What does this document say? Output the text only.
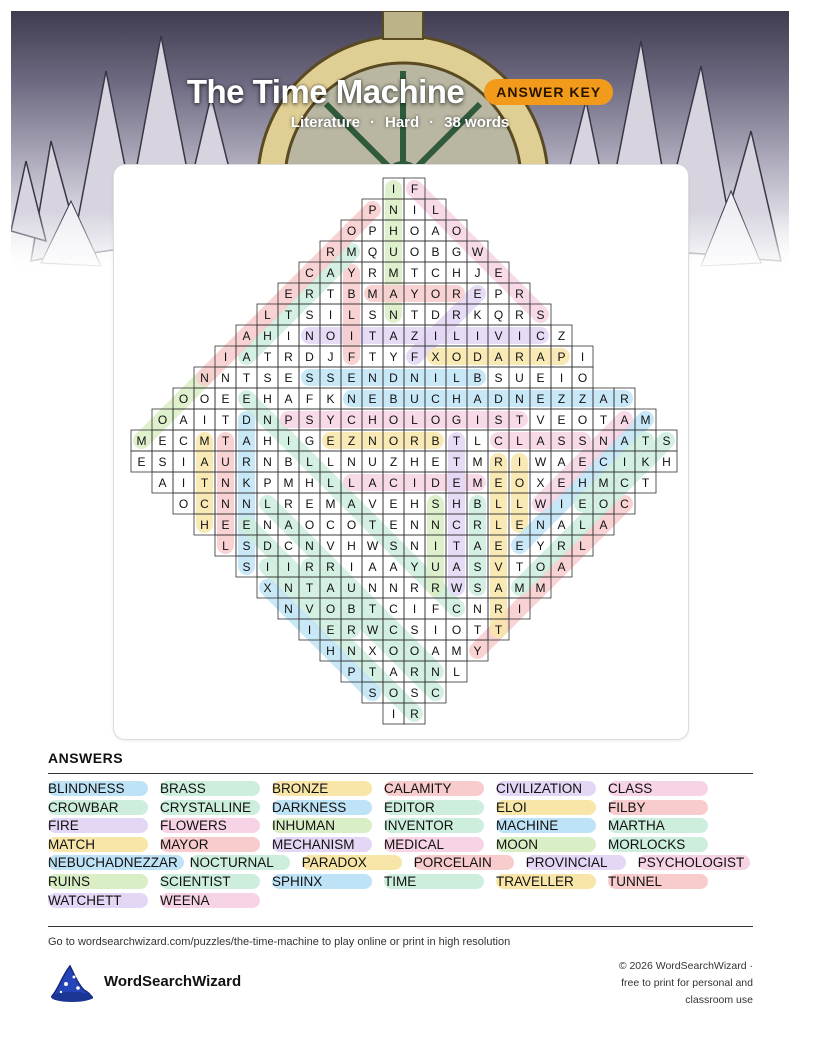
The Time Machine	ANSWER KEY
Literature · Hard · 38 words
I F
P N I L
O P H O A O
R M Q U O B G W
C A Y R M T C H J E
E R T B M A Y O R E P R
L T S I L S N T D R K Q R S
A H I N O I T A Z I L I V I C Z
I A T R D J F T Y F X O D A R A P I
N N T S E S S E N D N I L B S U E I O
O O E E H A F K N E B U C H A D N E Z Z A R
O A I T D N P S Y C H O L O G I S T V E O T A M
M E C M T A H I G E Z N O R B T L C L A S S N A T S
E S I A U R N B L L N U Z H E T M R I W A E C I K H
A I T N K P M H L L A C I D E M E O X E H M C T
O C N N L R E M A V E H S H B L L W I E O C
H E E N A O C O T E N N C R L E N A L A
L S D C N V H W S N I T A E E Y R L
S I I R R I A A Y U A S V T O A
X N T A U N N R R W S A M M
N V O B T C I F C N R I
I E R W C S I O T T
H N X O O A M Y
P T A R N L
S O S C
I R
ANSWERS
BLINDNESS	BRASS	BRONZE	CALAMITY	CIVILIZATION CLASS
CROWBAR	CRYSTALLINE DARKNESS	EDITOR	ELOI	FILBY
FIRE	FLOWERS	INHUMAN	INVENTOR	MACHINE	MARTHA
MATCH	MAYOR	MECHANISM MEDICAL	MOON	MORLOCKS
NEBUCHADNEZZAR NOCTURNAL PARADOX	PORCELAIN	PROVINCIAL PSYCHOLOGIST
RUINS	SCIENTIST	SPHINX	TIME	TRAVELLER	TUNNEL
WATCHETT	WEENA
Go to wordsearchwizard.com/puzzles/the-time-machine to play online or print in high resolution
WordSearchWizard
© 2026 WordSearchWizard ·
free to print for personal and
classroom use
